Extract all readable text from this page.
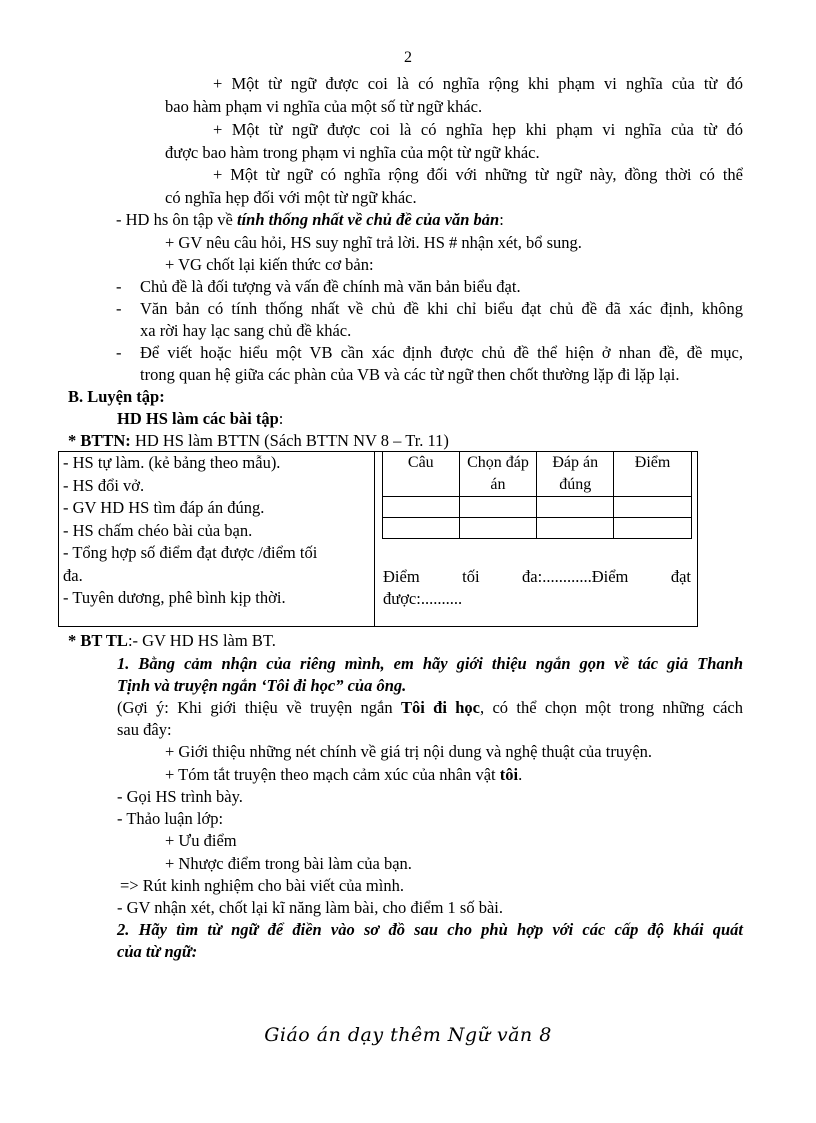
2
+ Một từ ngữ được coi là có nghĩa rộng khi phạm vi nghĩa của từ đó
bao hàm phạm vi nghĩa của một số từ ngữ khác.
+ Một từ ngữ được coi là có nghĩa hẹp khi phạm vi nghĩa của từ đó
được bao hàm trong phạm vi nghĩa của một từ ngữ khác.
+ Một từ ngữ có nghĩa rộng đối với những từ ngữ này, đồng thời có thể
có nghĩa hẹp đối với một từ ngữ khác.
- HD hs ôn tập về tính thống nhất về chủ đề của văn bản:
+ GV nêu câu hỏi, HS suy nghĩ trả lời. HS # nhận xét, bổ sung.
+ VG chốt lại kiến thức cơ bản:
- Chủ đề là đối tượng và vấn đề chính mà văn bản biểu đạt.
- Văn bản có tính thống nhất về chủ đề khi chỉ biểu đạt chủ đề đã xác định, không
xa rời hay lạc sang chủ đề khác.
- Để viết hoặc hiểu một VB cần xác định được chủ đề thể hiện ở nhan đề, đề mục,
trong quan hệ giữa các phàn của VB và các từ ngữ then chốt thường lặp đi lặp lại.
B. Luyện tập:
HD HS làm các bài tập:
* BTTN: HD HS làm BTTN (Sách BTTN NV 8 – Tr. 11)
- HS tự làm. (kẻ bảng theo mẫu).
- HS đổi vở.
- GV HD HS tìm đáp án đúng.
- HS chấm chéo bài của bạn.
- Tổng hợp số điểm đạt được /điểm tối
đa.
- Tuyên dương, phê bình kịp thời.
Câu	Chọn đáp án	Đáp án đúng	Điểm

Điểm tối đa:............Điểm đạt
được:..........
* BT TL:- GV HD HS làm BT.
1. Bằng cảm nhận của riêng mình, em hãy giới thiệu ngắn gọn về tác giả Thanh
Tịnh và truyện ngắn ‘Tôi đi học” của ông.
(Gợi ý: Khi giới thiệu về truyện ngắn Tôi đi học, có thể chọn một trong những cách
sau đây:
+ Giới thiệu những nét chính về giá trị nội dung và nghệ thuật của truyện.
+ Tóm tắt truyện theo mạch cảm xúc của nhân vật tôi.
- Gọi HS trình bày.
- Thảo luận lớp:
+ Ưu điểm
+ Nhược điểm trong bài làm của bạn.
=> Rút kinh nghiệm cho bài viết của mình.
- GV nhận xét, chốt lại kĩ năng làm bài, cho điểm 1 số bài.
2. Hãy tìm từ ngữ để điền vào sơ đồ sau cho phù hợp với các cấp độ khái quát
của từ ngữ:
Giáo án dạy thêm Ngữ văn 8
